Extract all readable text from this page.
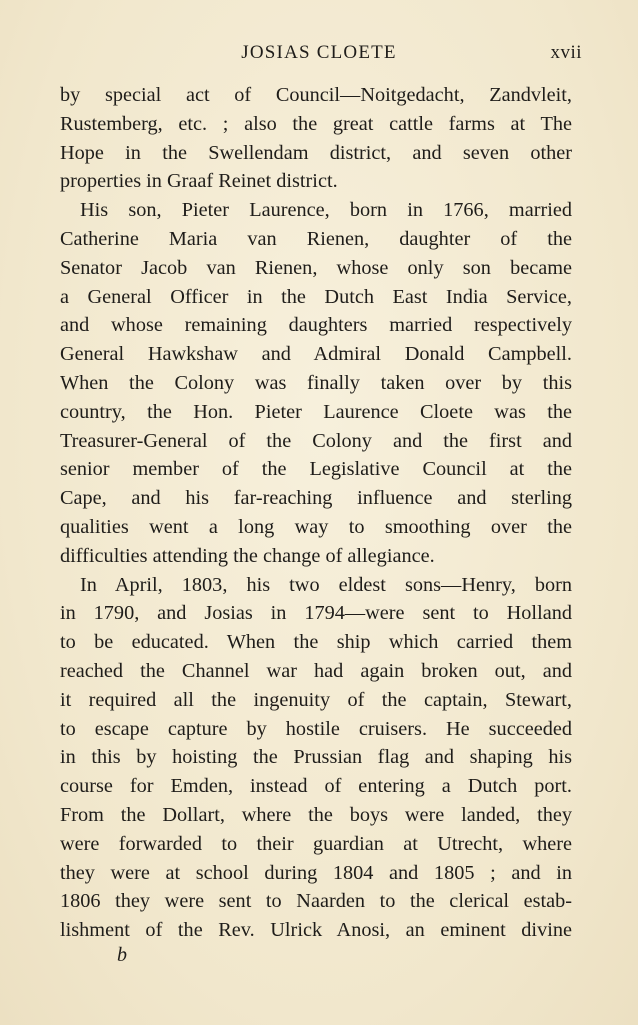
JOSIAS CLOETE	xvii
by special act of Council—Noitgedacht, Zandvleit,
Rustemberg, etc. ; also the great cattle farms at The
Hope in the Swellendam district, and seven other
properties in Graaf Reinet district.
His son, Pieter Laurence, born in 1766, married
Catherine Maria van Rienen, daughter of the
Senator Jacob van Rienen, whose only son became
a General Officer in the Dutch East India Service,
and whose remaining daughters married respectively
General Hawkshaw and Admiral Donald Campbell.
When the Colony was finally taken over by this
country, the Hon. Pieter Laurence Cloete was the
Treasurer-General of the Colony and the first and
senior member of the Legislative Council at the
Cape, and his far-reaching influence and sterling
qualities went a long way to smoothing over the
difficulties attending the change of allegiance.
In April, 1803, his two eldest sons—Henry, born
in 1790, and Josias in 1794—were sent to Holland
to be educated. When the ship which carried them
reached the Channel war had again broken out, and
it required all the ingenuity of the captain, Stewart,
to escape capture by hostile cruisers. He succeeded
in this by hoisting the Prussian flag and shaping his
course for Emden, instead of entering a Dutch port.
From the Dollart, where the boys were landed, they
were forwarded to their guardian at Utrecht, where
they were at school during 1804 and 1805 ; and in
1806 they were sent to Naarden to the clerical estab-
lishment of the Rev. Ulrick Anosi, an eminent divine
b
